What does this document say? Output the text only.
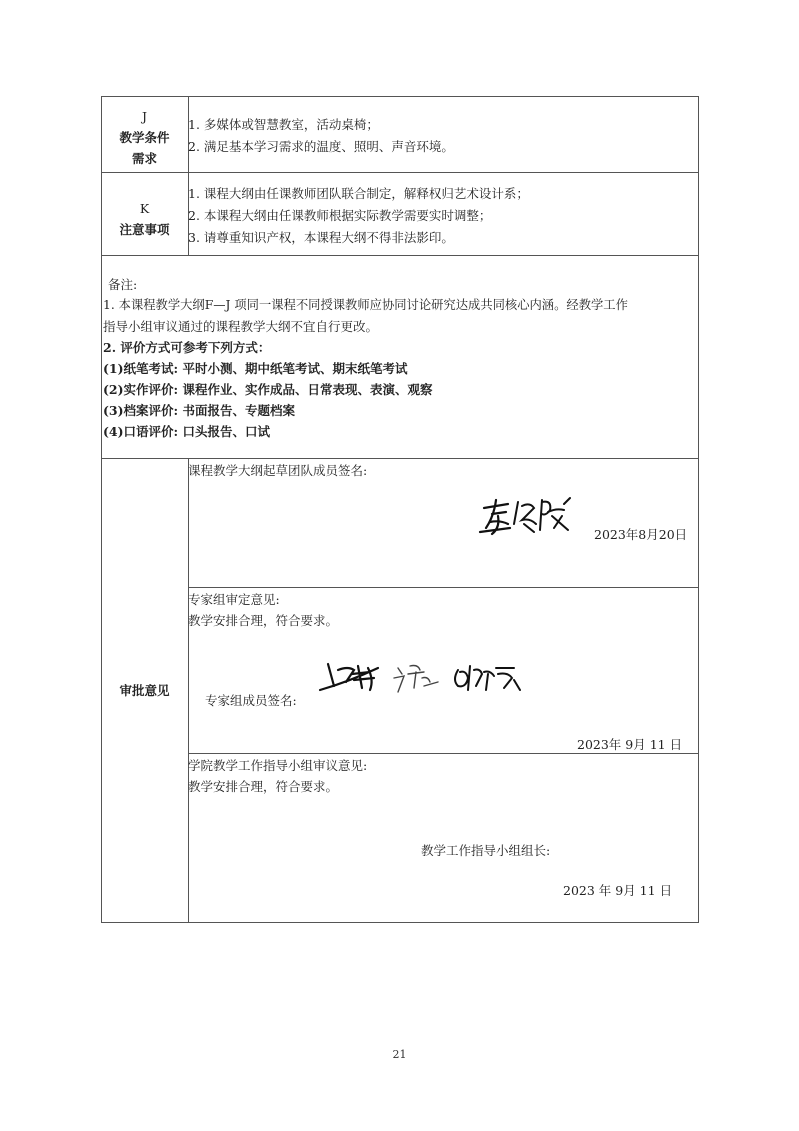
J
教学条件
需求
1. 多媒体或智慧教室，活动桌椅；
2. 满足基本学习需求的温度、照明、声音环境。
K
注意事项
1. 课程大纲由任课教师团队联合制定，解释权归艺术设计系；
2. 本课程大纲由任课教师根据实际教学需要实时调整；
3. 请尊重知识产权，本课程大纲不得非法影印。
备注:
1. 本课程教学大纲F—J 项同一课程不同授课教师应协同讨论研究达成共同核心内涵。经教学工作
指导小组审议通过的课程教学大纲不宜自行更改。
2. 评价方式可参考下列方式：
(1)纸笔考试: 平时小测、期中纸笔考试、期末纸笔考试
(2)实作评价: 课程作业、实作成品、日常表现、表演、观察
(3)档案评价: 书面报告、专题档案
(4)口语评价: 口头报告、口试
审批意见
课程教学大纲起草团队成员签名:
2023年8月20日
专家组审定意见:
教学安排合理，符合要求。
专家组成员签名:
2023年 9月 11 日
学院教学工作指导小组审议意见:
教学安排合理，符合要求。
教学工作指导小组组长:
2023 年 9月 11 日
21
